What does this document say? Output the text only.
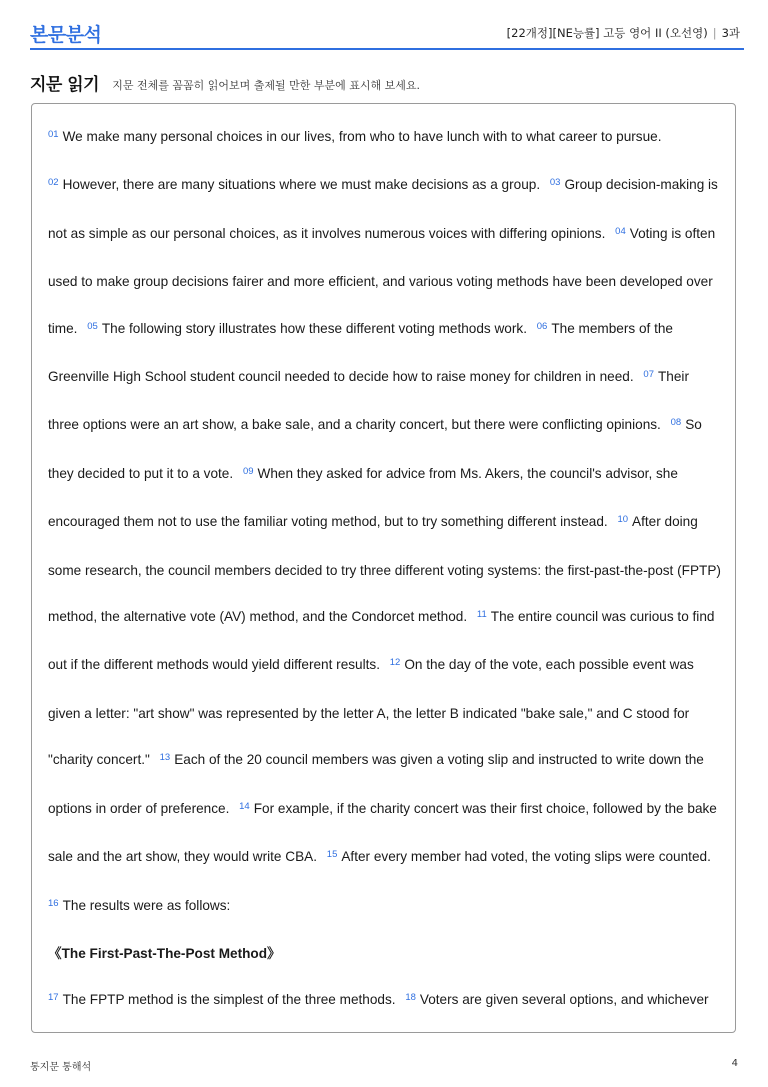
본문분석	[22개정][NE능률] 고등 영어 II (오선영) | 3과
지문 읽기 지문 전체를 꼼꼼히 읽어보며 출제될 만한 부분에 표시해 보세요.
$^{01}$ We make many personal choices in our lives, from who to have lunch with to what career to pursue. $^{02}$ However, there are many situations where we must make decisions as a group. $^{03}$ Group decision-making is not as simple as our personal choices, as it involves numerous voices with differing opinions. $^{04}$ Voting is often used to make group decisions fairer and more efficient, and various voting methods have been developed over time. $^{05}$ The following story illustrates how these different voting methods work. $^{06}$ The members of the Greenville High School student council needed to decide how to raise money for children in need. $^{07}$ Their three options were an art show, a bake sale, and a charity concert, but there were conflicting opinions. $^{08}$ So they decided to put it to a vote. $^{09}$ When they asked for advice from Ms. Akers, the council's advisor, she encouraged them not to use the familiar voting method, but to try something different instead. $^{10}$ After doing some research, the council members decided to try three different voting systems: the first-past-the-post (FPTP) method, the alternative vote (AV) method, and the Condorcet method. $^{11}$ The entire council was curious to find out if the different methods would yield different results. $^{12}$ On the day of the vote, each possible event was given a letter: "art show" was represented by the letter A, the letter B indicated "bake sale," and C stood for "charity concert." $^{13}$ Each of the 20 council members was given a voting slip and instructed to write down the options in order of preference. $^{14}$ For example, if the charity concert was their first choice, followed by the bake sale and the art show, they would write CBA. $^{15}$ After every member had voted, the voting slips were counted. $^{16}$ The results were as follows:
《The First-Past-The-Post Method》
$^{17}$ The FPTP method is the simplest of the three methods. $^{18}$ Voters are given several options, and whichever
통지문 통해석	4
